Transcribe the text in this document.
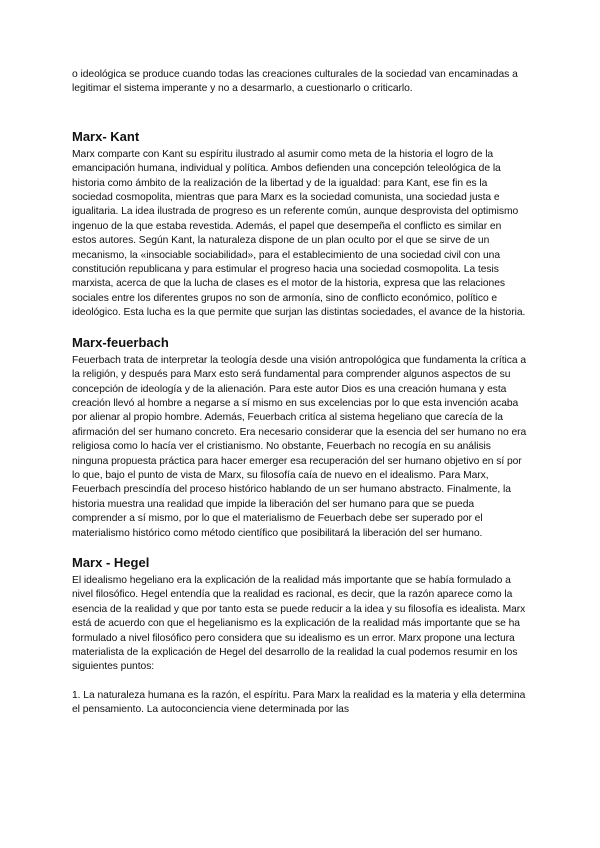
o ideológica se produce cuando todas las creaciones culturales de la sociedad van encaminadas a legitimar el sistema imperante y no a desarmarlo, a cuestionarlo o criticarlo.

Marx- Kant

Marx comparte con Kant su espíritu ilustrado al asumir como meta de la historia el logro de la emancipación humana, individual y política. Ambos defienden una concepción teleológica de la historia como ámbito de la realización de la libertad y de la igualdad: para Kant, ese fin es la sociedad cosmopolita, mientras que para Marx es la sociedad comunista, una sociedad justa e igualitaria. La idea ilustrada de progreso es un referente común, aunque desprovista del optimismo ingenuo de la que estaba revestida. Además, el papel que desempeña el conflicto es similar en estos autores. Según Kant, la naturaleza dispone de un plan oculto por el que se sirve de un mecanismo, la «insociable sociabilidad», para el establecimiento de una sociedad civil con una constitución republicana y para estimular el progreso hacia una sociedad cosmopolita. La tesis marxista, acerca de que la lucha de clases es el motor de la historia, expresa que las relaciones sociales entre los diferentes grupos no son de armonía, sino de conflicto económico, político e ideológico. Esta lucha es la que permite que surjan las distintas sociedades, el avance de la historia.

Marx-feuerbach

Feuerbach trata de interpretar la teología desde una visión antropológica que fundamenta la crítica a la religión, y después para Marx esto será fundamental para comprender algunos aspectos de su concepción de ideología y de la alienación. Para este autor Dios es una creación humana y esta creación llevó al hombre a negarse a sí mismo en sus excelencias por lo que esta invención acaba por alienar al propio hombre. Además, Feuerbach critíca al sistema hegeliano que carecía de la afirmación del ser humano concreto. Era necesario considerar que la esencia del ser humano no era religiosa como lo hacía ver el cristianismo. No obstante, Feuerbach no recogía en su análisis ninguna propuesta práctica para hacer emerger esa recuperación del ser humano objetivo en sí por lo que, bajo el punto de vista de Marx, su filosofía caía de nuevo en el idealismo. Para Marx, Feuerbach prescindía del proceso histórico hablando de un ser humano abstracto. Finalmente, la historia muestra una realidad que impide la liberación del ser humano para que se pueda comprender a sí mismo, por lo que el materialismo de Feuerbach debe ser superado por el materialismo histórico como método científico que posibilitará la liberación del ser humano.

Marx - Hegel

El idealismo hegeliano era la explicación de la realidad más importante que se había formulado a nivel filosófico. Hegel entendía que la realidad es racional, es decir, que la razón aparece como la esencia de la realidad y que por tanto esta se puede reducir a la idea y su filosofía es idealista. Marx está de acuerdo con que el hegelianismo es la explicación de la realidad más importante que se ha formulado a nivel filosófico pero considera que su idealismo es un error. Marx propone una lectura materialista de la explicación de Hegel del desarrollo de la realidad la cual podemos resumir en los siguientes puntos:

1. La naturaleza humana es la razón, el espíritu. Para Marx la realidad es la materia y ella determina el pensamiento. La autoconciencia viene determinada por las
